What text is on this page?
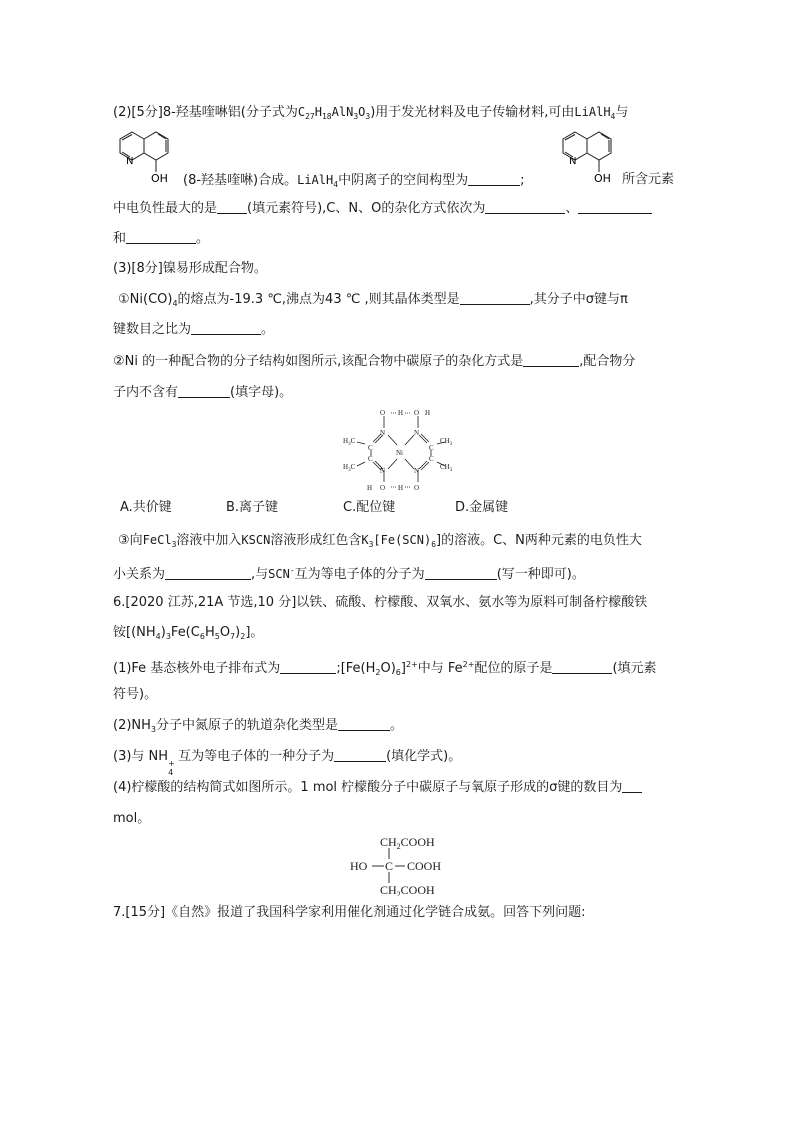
(2)[5分]8-羟基喹啉铝(分子式为$C_{27}H_{18}AlN_3O_3$)用于发光材料及电子传输材料,可由LiAlH$_4$与
N
OH
N
OH
(8-羟基喹啉)合成。LiAlH$_4$中阴离子的空间构型为	;	所含元素
中电负性最大的是 (填元素符号),C、N、O的杂化方式依次为	、
和	。
(3)[8分]镍易形成配合物。
$①Ni(CO)_4$的熔点为-19.3 ℃,沸点为43 ℃ ,则其晶体类型是	,其分子中σ键与π
键数目之比为	。
②Ni 的一种配合物的分子结构如图所示,该配合物中碳原子的杂化方式是	,配合物分
子内不含有	(填字母)。
O H O H
N	N
C	C
Ni
C	C
N	N
H O H O
$H_3C$
$H_3C$
$CH_3$
$CH_3$
A.共价键	B.离子键	C.配位键	D.金属键
③向FeCl$_3$溶液中加入KSCN溶液形成红色含$K_3[Fe(SCN)_6]$的溶液。C、N两种元素的电负性大
小关系为	,与SCN-互为等电子体的分子为	(写一种即可)。
6.[2020 江苏,21A 节选,10 分]以铁、硫酸、柠檬酸、双氧水、氨水等为原料可制备柠檬酸铁
铵$[(NH_4)_3Fe(C_6H_5O_7)_2]$。
(1)Fe 基态核外电子排布式为	$;[Fe(H_2O)_6]^{2+}$中与 $Fe^{2+}$配位的原子是	(填元素
符号)。
$(2)NH_3$分子中氮原子的轨道杂化类型是	。
(3)与 NH +
4
互为等电子体的一种分子为	(填化学式)。
(4)柠檬酸的结构简式如图所示。1 mol 柠檬酸分子中碳原子与氧原子形成的σ键的数目为
mol。
$CH_2COOH$
HO C COOH
$CH_2COOH$
7.[15分]《自然》报道了我国科学家利用催化剂通过化学链合成氨。回答下列问题:
